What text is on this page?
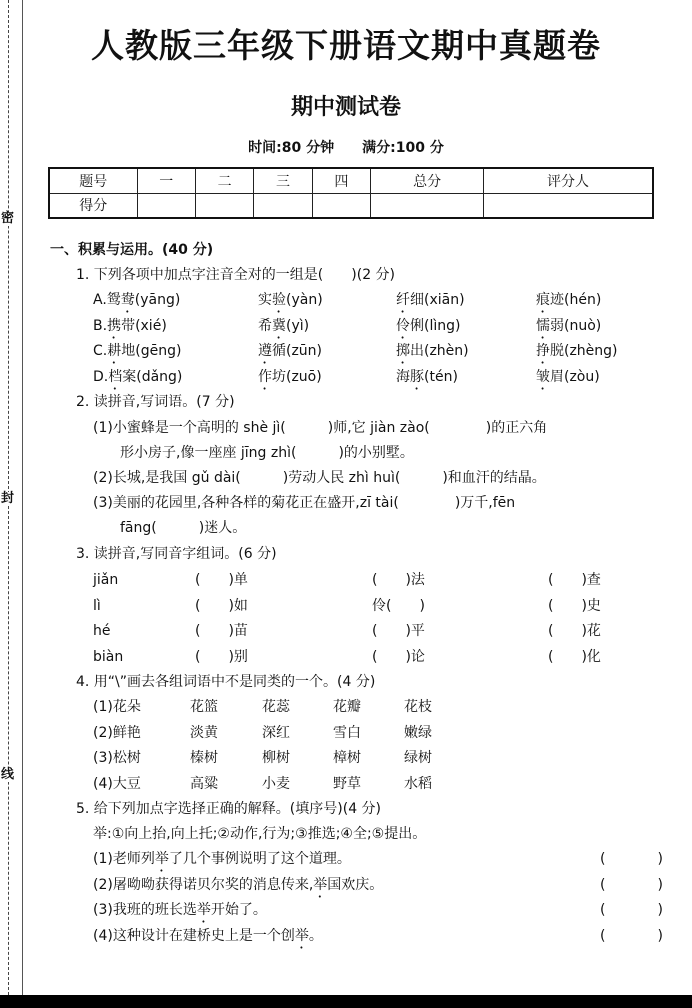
密
封
线
人教版三年级下册语文期中真题卷
期中测试卷
时间:80 分钟 满分:100 分
题号	一	二	三	四	总分	评分人
得分						
一、积累与运用。(40 分)
1. 下列各项中加点字注音全对的一组是(　　)(2 分)
A.鸳鸯(yāng)	实验(yàn)	纤细(xiān)	痕迹(hén)
B.携带(xié)	希冀(yì)	伶俐(lìng)	懦弱(nuò)
C.耕地(gēng)	遵循(zūn)	掷出(zhèn)	挣脱(zhèng)
D.档案(dǎng)	作坊(zuō)	海豚(tén)	皱眉(zòu)
2. 读拼音,写词语。(7 分)
(1)小蜜蜂是一个高明的 shè jì(　　　)师,它 jiàn zào(　　　　)的正六角
形小房子,像一座座 jīng zhì(　　　)的小别墅。
(2)长城,是我国 gǔ dài(　　　)劳动人民 zhì huì(　　　)和血汗的结晶。
(3)美丽的花园里,各种各样的菊花正在盛开,zī tài(　　　　)万千,fēn
fāng(　　　)迷人。
3. 读拼音,写同音字组词。(6 分)
jiǎn	(　　)单	(　　)法	(　　)查
lì	(　　)如	伶(　　)	(　　)史
hé	(　　)苗	(　　)平	(　　)花
biàn	(　　)别	(　　)论	(　　)化
4. 用“\”画去各组词语中不是同类的一个。(4 分)
(1)花朵	花篮	花蕊	花瓣	花枝
(2)鲜艳	淡黄	深红	雪白	嫩绿
(3)松树	榛树	柳树	樟树	绿树
(4)大豆	高粱	小麦	野草	水稻
5. 给下列加点字选择正确的解释。(填序号)(4 分)
举:①向上抬,向上托;②动作,行为;③推选;④全;⑤提出。
(1)老师列举了几个事例说明了这个道理。	(　　)
(2)屠呦呦获得诺贝尔奖的消息传来,举国欢庆。	(　　)
(3)我班的班长选举开始了。	(　　)
(4)这种设计在建桥史上是一个创举。	(　　)
